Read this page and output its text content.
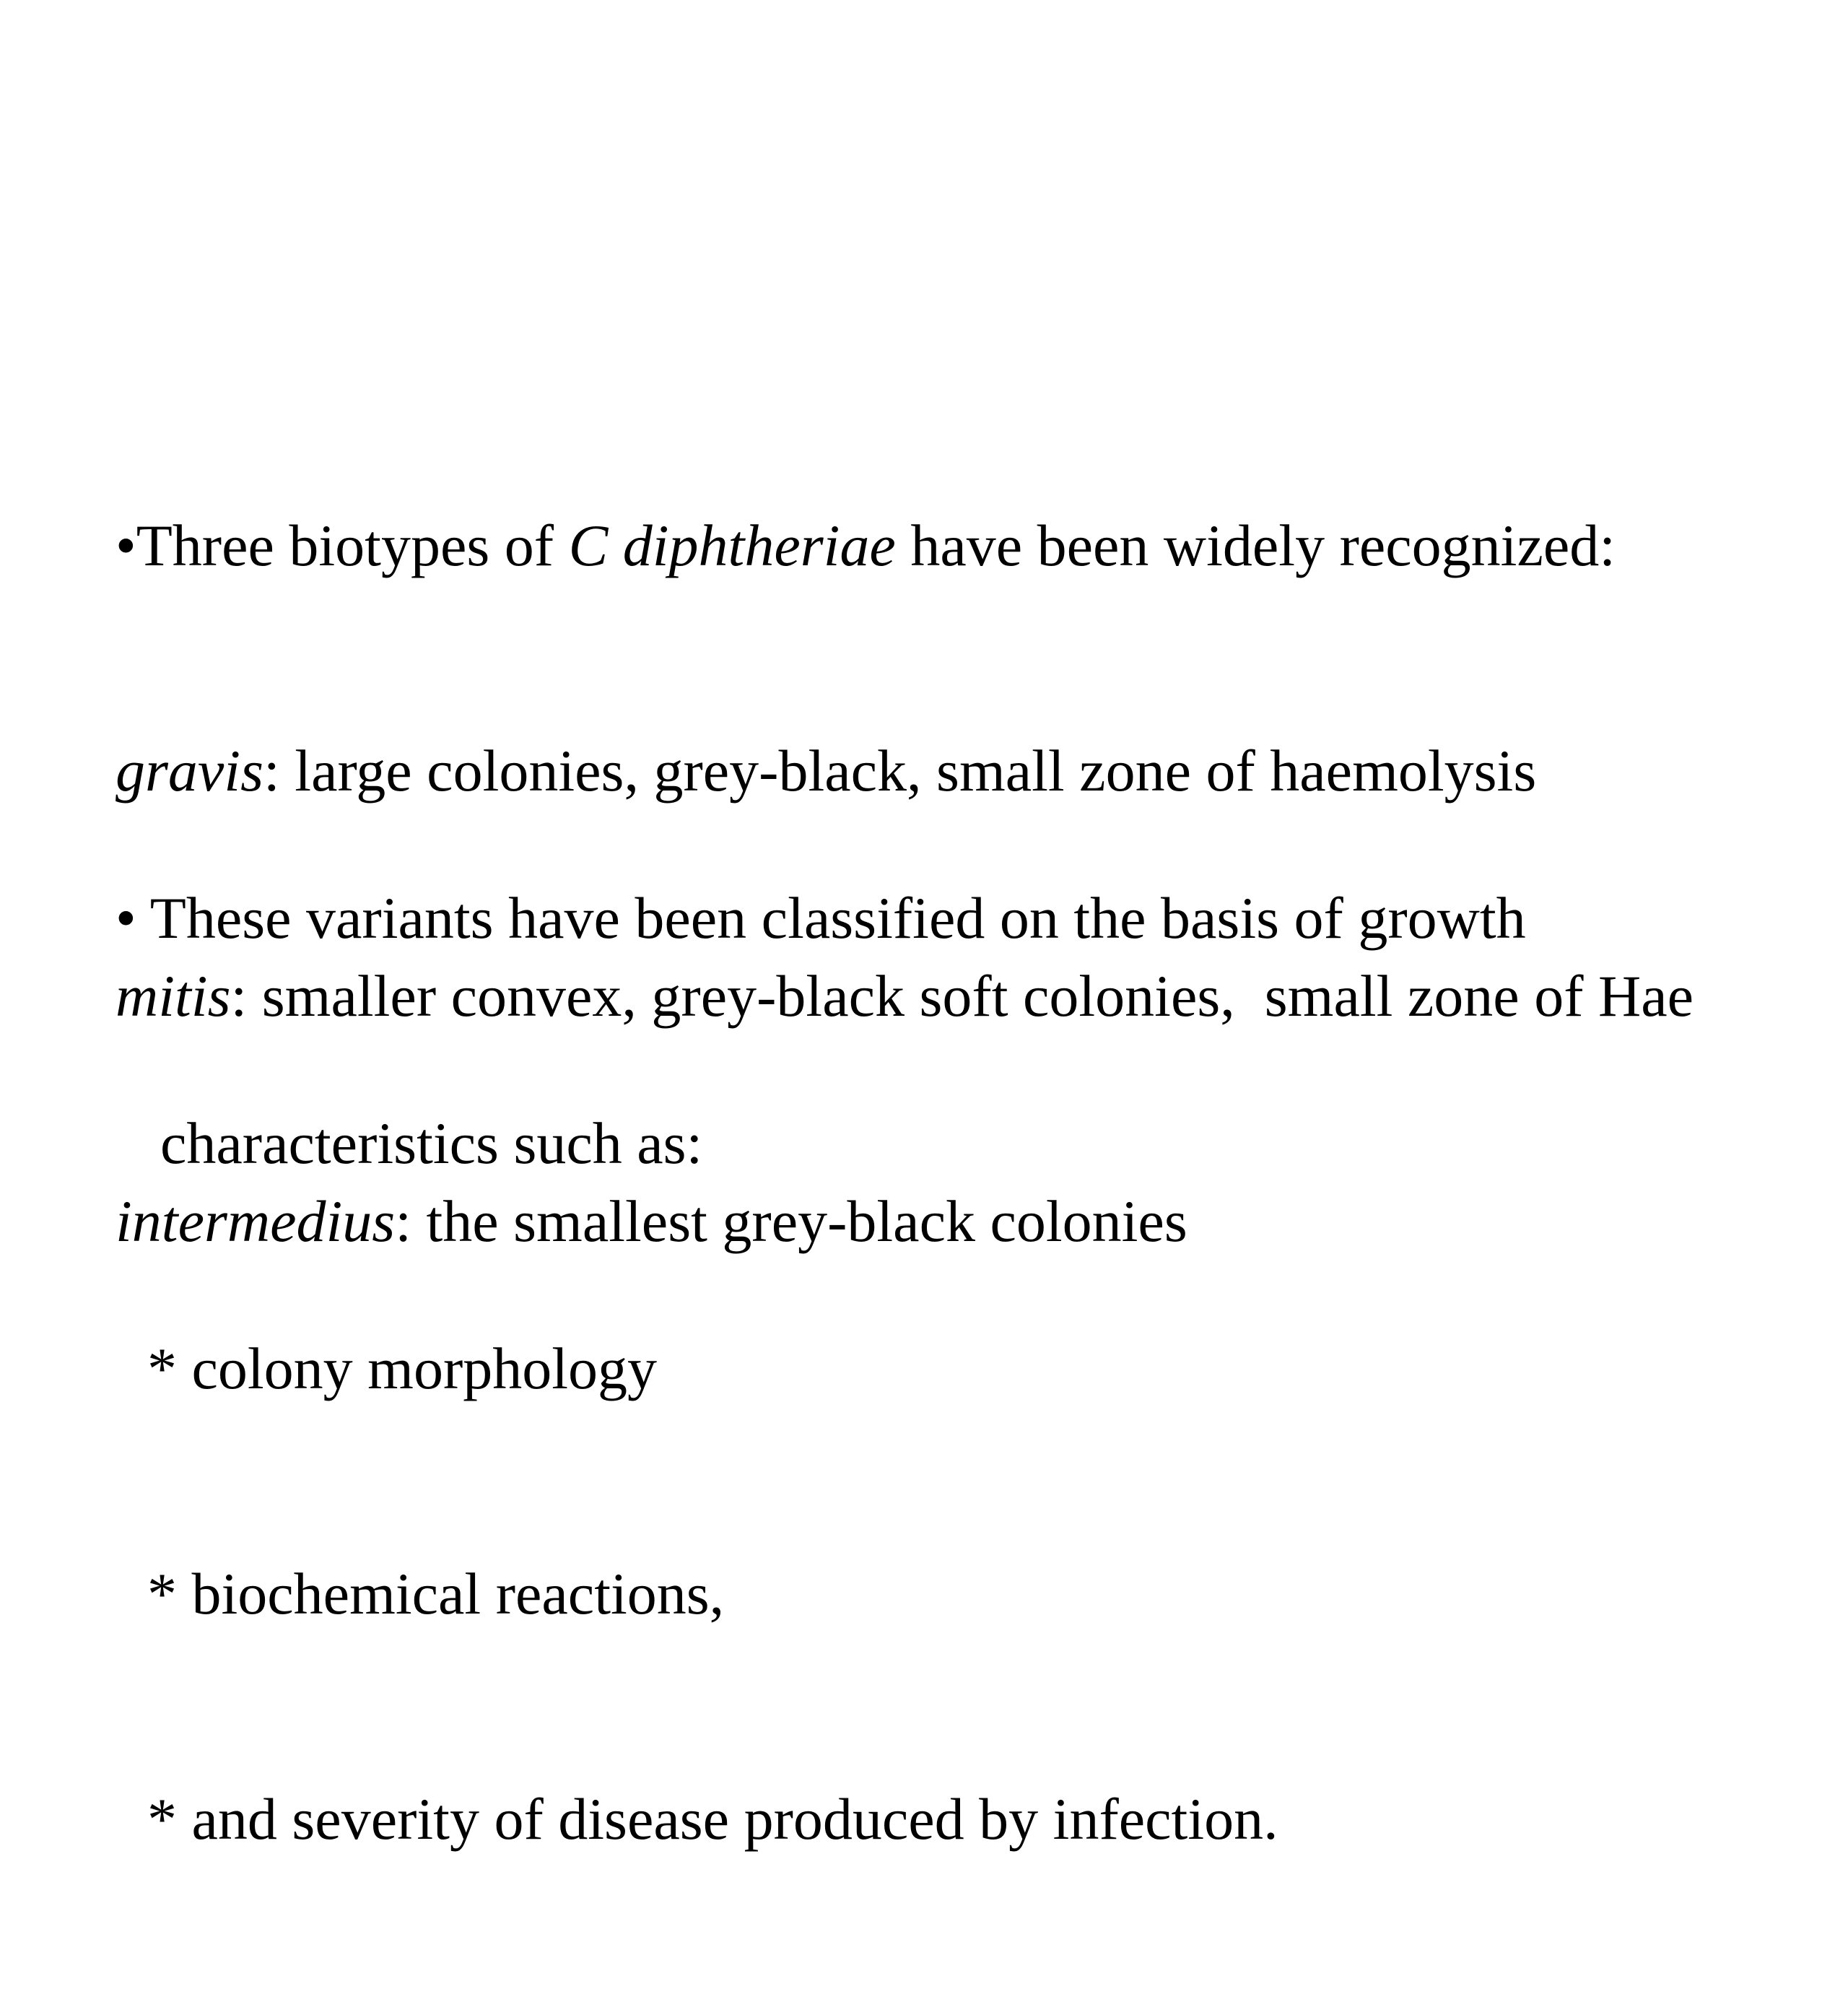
•Three biotypes of C diphtheriae have been widely recognized:

gravis: large colonies, grey-black, small zone of haemolysis

mitis: smaller convex, grey-black soft colonies,  small zone of Hae

intermedius: the smallest grey-black colonies

• These variants have been classified on the basis of growth

characteristics such as:

* colony morphology

* biochemical reactions,

* and severity of disease produced by infection.
